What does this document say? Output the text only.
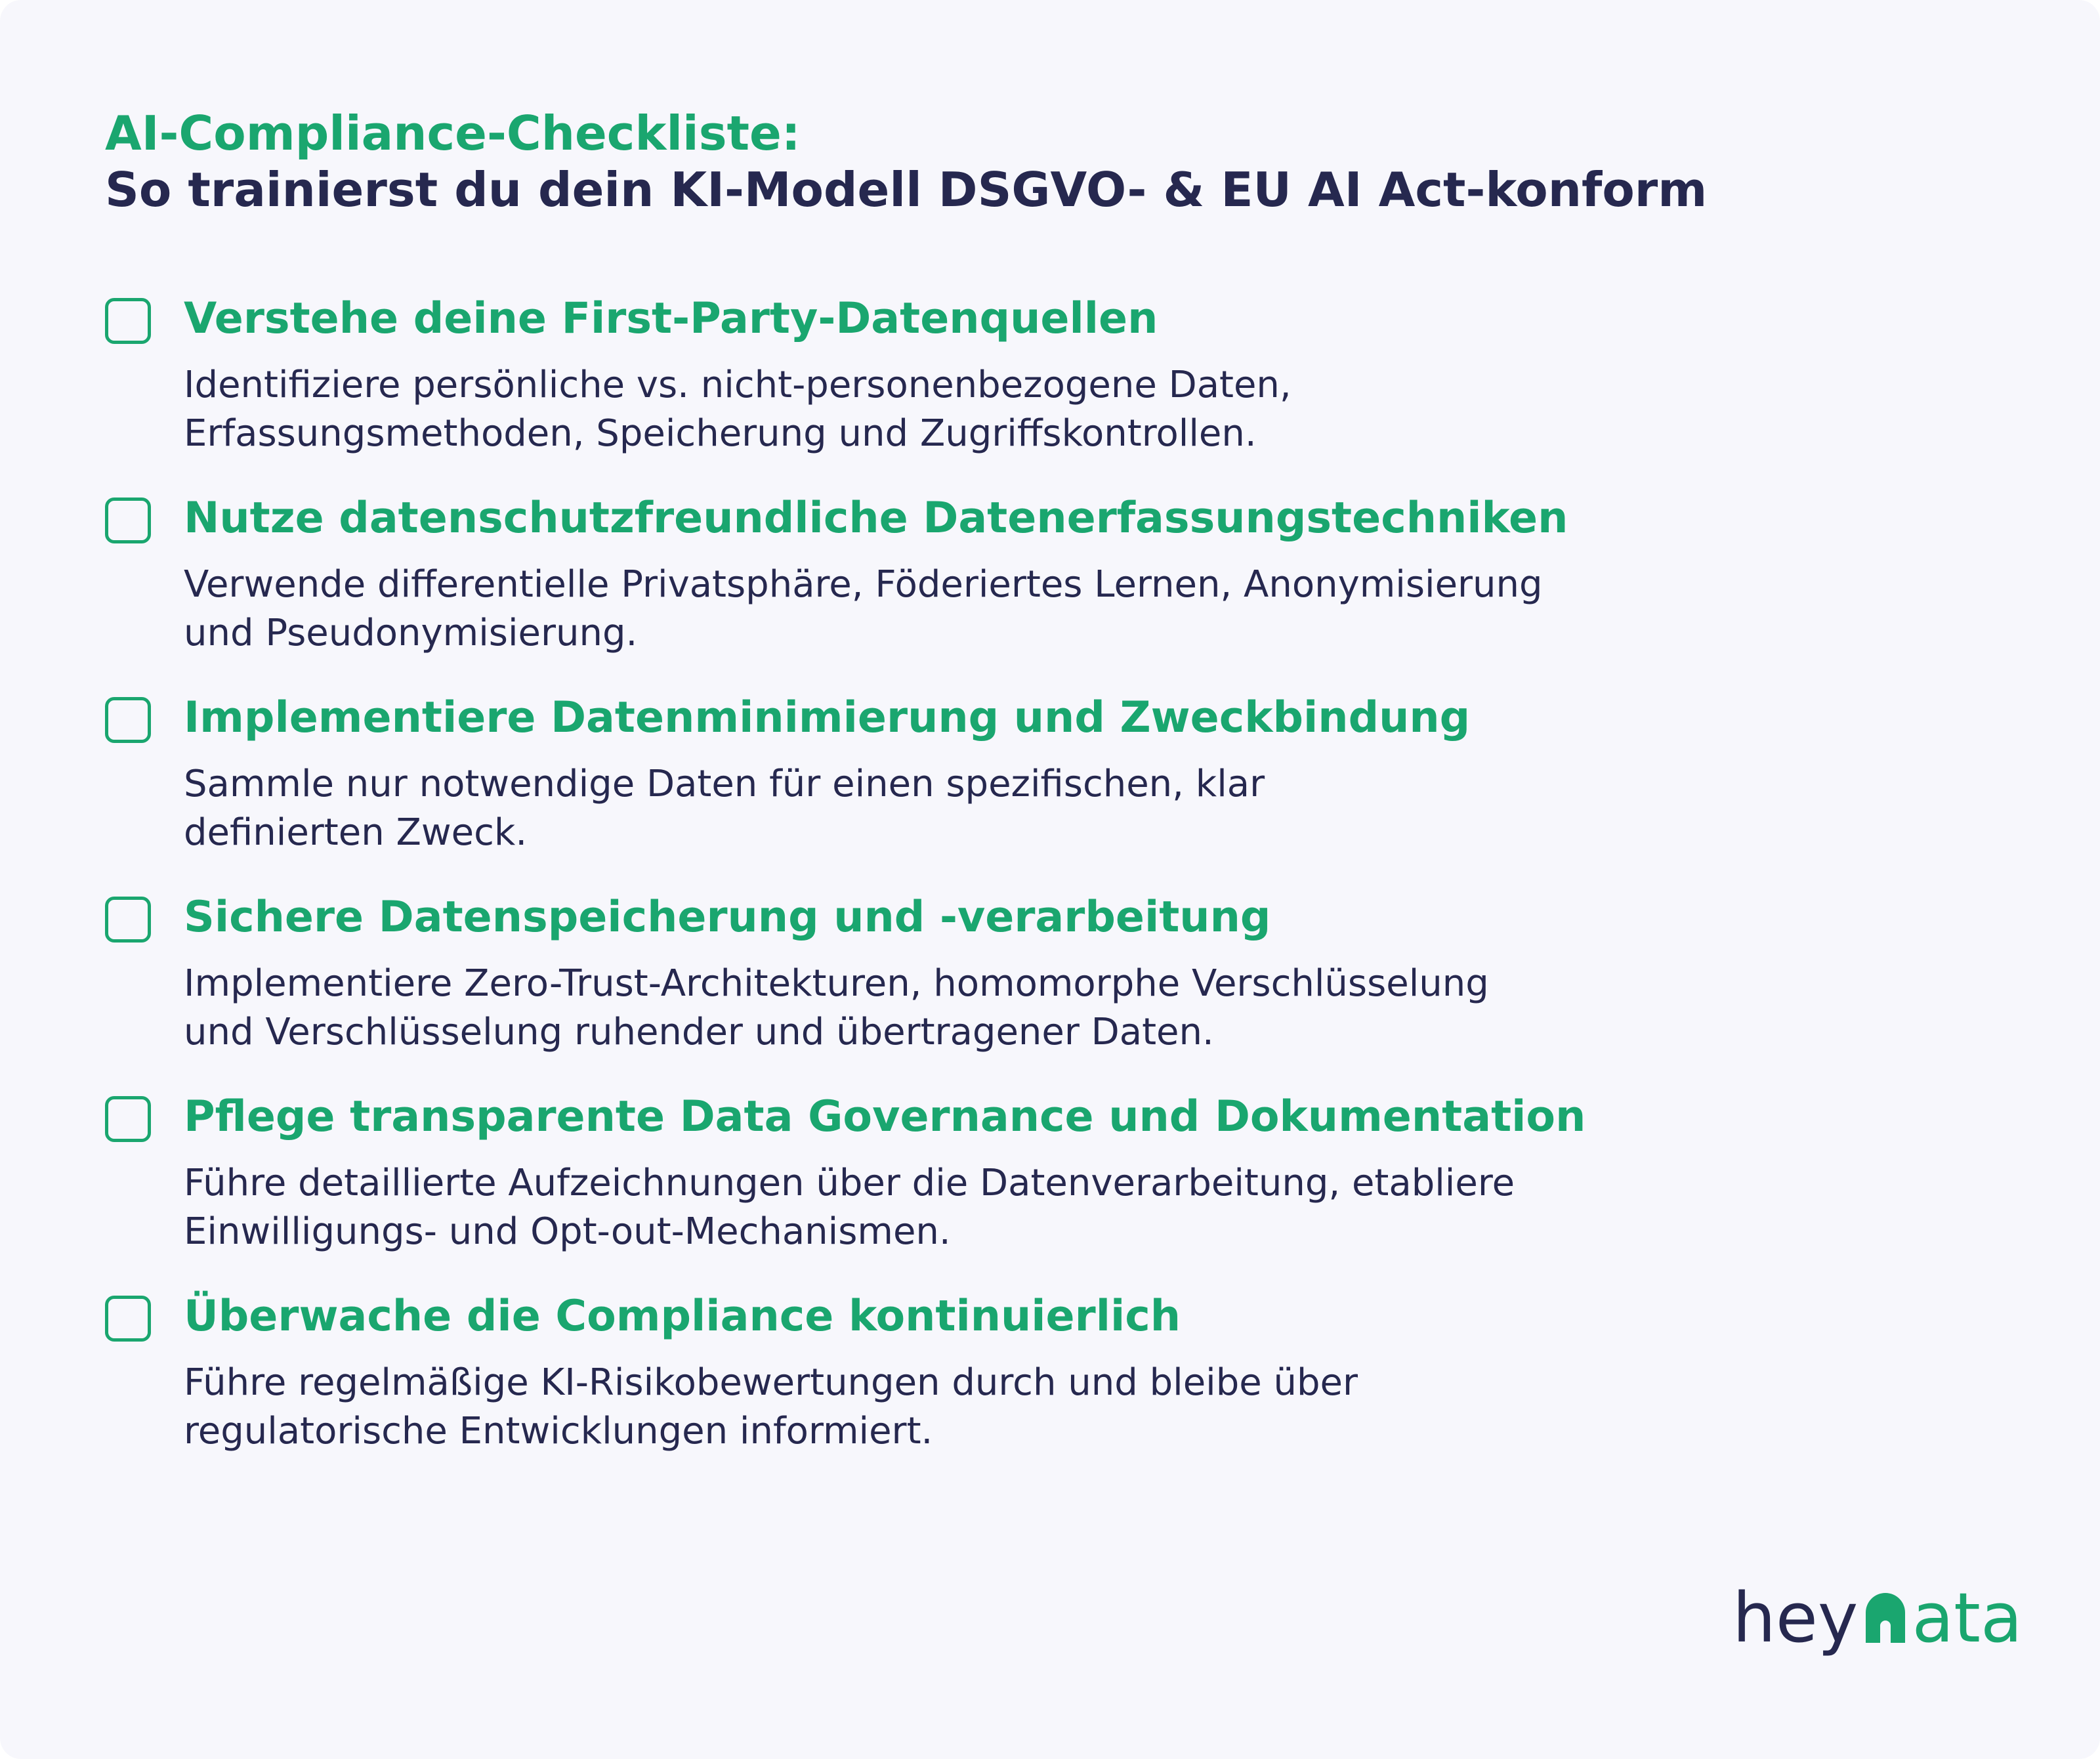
AI-Compliance-Checkliste:
So trainierst du dein KI-Modell DSGVO- & EU AI Act-konform
Verstehe deine First-Party-Datenquellen

Identifiziere persönliche vs. nicht-personenbezogene Daten,
Erfassungsmethoden, Speicherung und Zugriffskontrollen.

Nutze datenschutzfreundliche Datenerfassungstechniken

Verwende differentielle Privatsphäre, Föderiertes Lernen, Anonymisierung
und Pseudonymisierung.

Implementiere Datenminimierung und Zweckbindung

Sammle nur notwendige Daten für einen spezifischen, klar
definierten Zweck.

Sichere Datenspeicherung und -verarbeitung

Implementiere Zero-Trust-Architekturen, homomorphe Verschlüsselung
und Verschlüsselung ruhender und übertragener Daten.

Pflege transparente Data Governance und Dokumentation

Führe detaillierte Aufzeichnungen über die Datenverarbeitung, etabliere
Einwilligungs- und Opt-out-Mechanismen.

Überwache die Compliance kontinuierlich

Führe regelmäßige KI-Risikobewertungen durch und bleibe über
regulatorische Entwicklungen informiert.

hey ata
